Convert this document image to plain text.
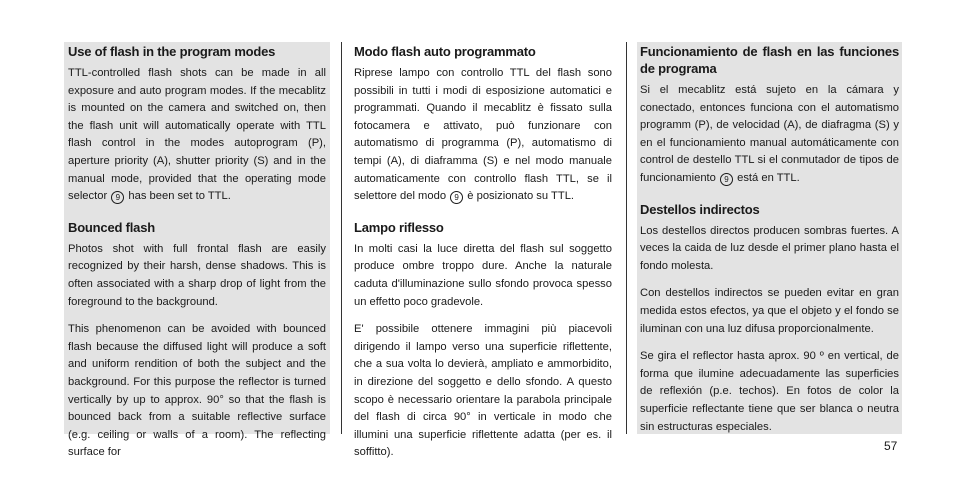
Use of flash in the program modes

TTL-controlled flash shots can be made in all exposure and auto program modes. If the mecablitz is mounted on the camera and switched on, then the flash unit will automatically operate with TTL flash control in the modes autoprogram (P), aperture priority (A), shutter priority (S) and in the manual mode, provided that the operating mode selector 9 has been set to TTL.

Bounced flash

Photos shot with full frontal flash are easily recognized by their harsh, dense shadows. This is often associated with a sharp drop of light from the foreground to the background.

This phenomenon can be avoided with bounced flash because the diffused light will produce a soft and uniform rendition of both the subject and the background. For this purpose the reflector is turned vertically by up to approx. 90° so that the flash is bounced back from a suitable reflective surface (e.g. ceiling or walls of a room). The reflecting surface for

Modo flash auto programmato

Riprese lampo con controllo TTL del flash sono possibili in tutti i modi di esposizione automatici e programmati. Quando il mecablitz è fissato sulla fotocamera e attivato, può funzionare con automatismo di programma (P), automatismo di tempi (A), di diaframma (S) e nel modo manuale automaticamente con controllo flash TTL, se il selettore del modo 9 è posizionato su TTL.

Lampo riflesso

In molti casi la luce diretta del flash sul soggetto produce ombre troppo dure. Anche la naturale caduta d'illuminazione sullo sfondo provoca spesso un effetto poco gradevole.

E' possibile ottenere immagini più piacevoli dirigendo il lampo verso una superficie riflettente, che a sua volta lo devierà, ampliato e ammorbidito, in direzione del soggetto e dello sfondo. A questo scopo è necessario orientare la parabola principale del flash di circa 90° in verticale in modo che illumini una superficie riflettente adatta (per es. il soffitto).

Funcionamiento de flash en las funciones de programa

Si el mecablitz está sujeto en la cámara y conectado, entonces funciona con el automatismo programm (P), de velocidad (A), de diafragma (S) y en el funcionamiento manual automáticamente con control de destello TTL si el conmutador de tipos de funcionamiento 9 está en TTL.

Destellos indirectos

Los destellos directos producen sombras fuertes. A veces la caida de luz desde el primer plano hasta el fondo molesta.

Con destellos indirectos se pueden evitar en gran medida estos efectos, ya que el objeto y el fondo se iluminan con una luz difusa proporcionalmente.

Se gira el reflector hasta aprox. 90 º en vertical, de forma que ilumine adecuadamente las superficies de reflexión (p.e. techos). En fotos de color la superficie reflectante tiene que ser blanca o neutra sin estructuras especiales.

57
